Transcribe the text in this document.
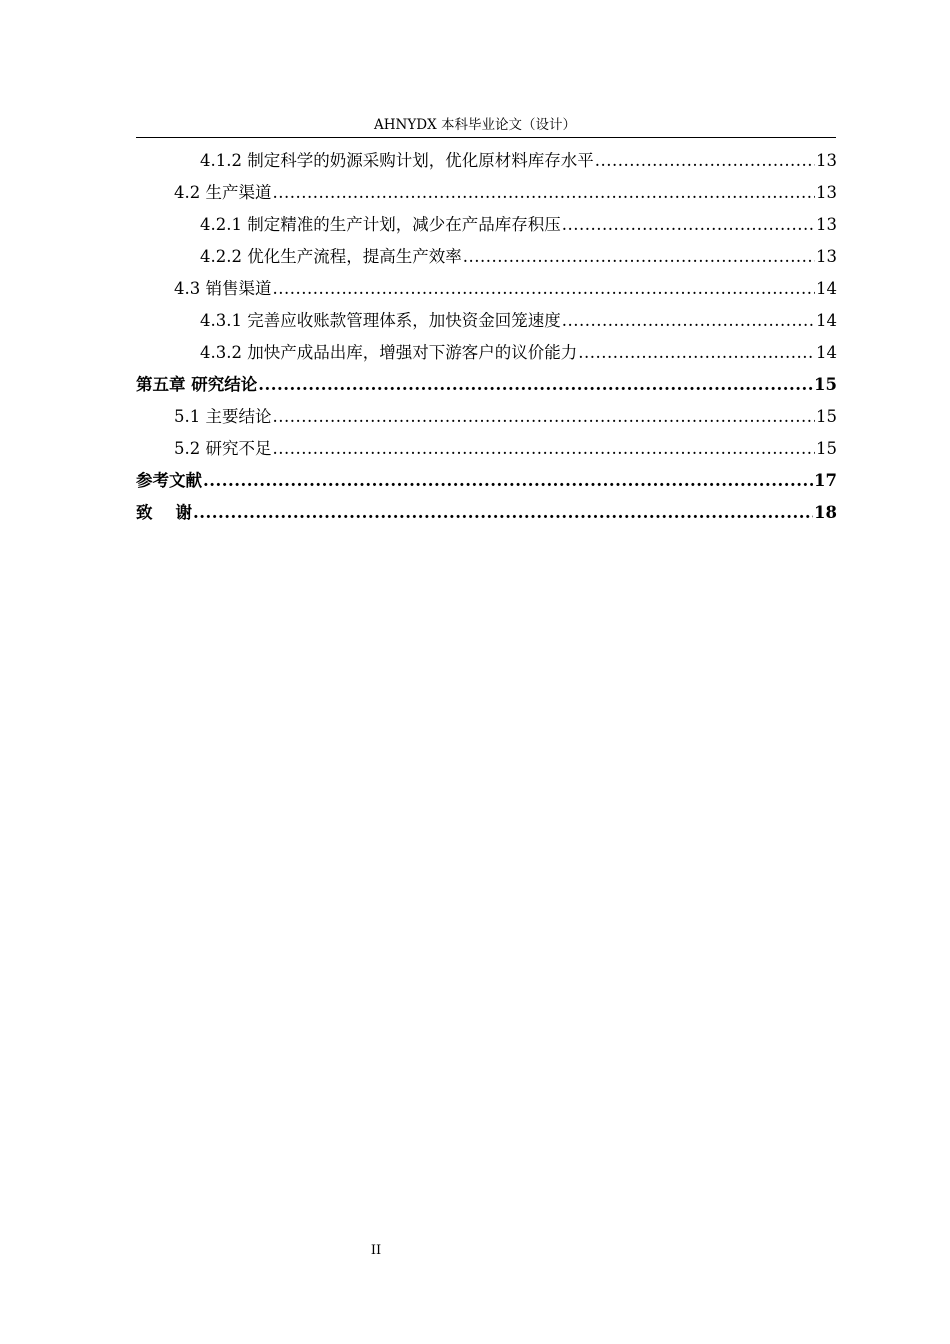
AHNYDX 本科毕业论文（设计）
4.1.2 制定科学的奶源采购计划，优化原材料库存水平 .....	13
4.2 生产渠道 .....	13
4.2.1 制定精准的生产计划，减少在产品库存积压 .....	13
4.2.2 优化生产流程，提高生产效率 .....	13
4.3 销售渠道 .....	14
4.3.1 完善应收账款管理体系，加快资金回笼速度 .....	14
4.3.2 加快产成品出库，增强对下游客户的议价能力 .....	14
第五章 研究结论 .....	15
5.1 主要结论 .....	15
5.2 研究不足 .....	15
参考文献 .....	17
致    谢 .....	18
II
